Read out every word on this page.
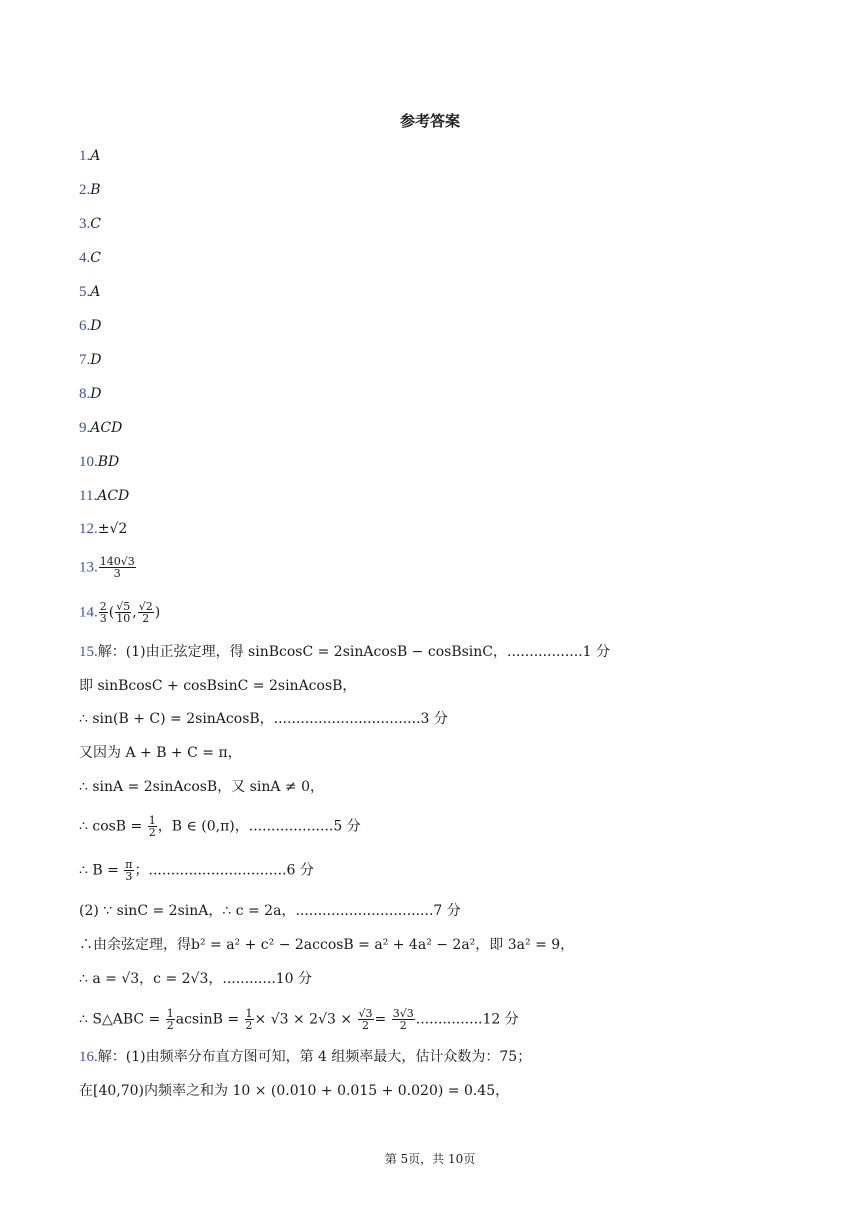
参考答案
1.A
2.B
3.C
4.C
5.A
6.D
7.D
8.D
9.ACD
10.BD
11.ACD
12.±√2
13. $\frac{140√3}{3}$
14. $\frac{2}{3}$ ( $\frac{√5}{10}$ , $\frac{√2}{2}$ )
15.解：(1)由正弦定理，得 sinBcosC = 2sinAcosB − cosBsinC，.................1 分
即 sinBcosC + cosBsinC = 2sinAcosB，
∴ sin(B + C) = 2sinAcosB，.................................3 分
又因为 A + B + C = π，
∴ sinA = 2sinAcosB，又 sinA ≠ 0，
∴ $\cos B = \frac{1}{2}$ ，B ∈ (0,π)，...................5 分
∴ $B = \frac{\pi}{3}$ ；...............................6 分
(2) ∵ sinC = 2sinA，∴ c = 2a，...............................7 分
∴由余弦定理，得b² = a² + c² − 2accosB = a² + 4a² − 2a²，即 3a² = 9，
∴ a = √3，c = 2√3，............10 分
∴ S△ABC = $\frac{1}{2}$ $acsinB = \frac{1}{2} \times √3 \times 2√3 \times \frac{√3}{2} = \frac{3√3}{2} ...............12$ 分
16.解：(1)由频率分布直方图可知，第 4 组频率最大，估计众数为：75；
在[40,70)内频率之和为 10 × (0.010 + 0.015 + 0.020) = 0.45，
第 5页，共 10页
